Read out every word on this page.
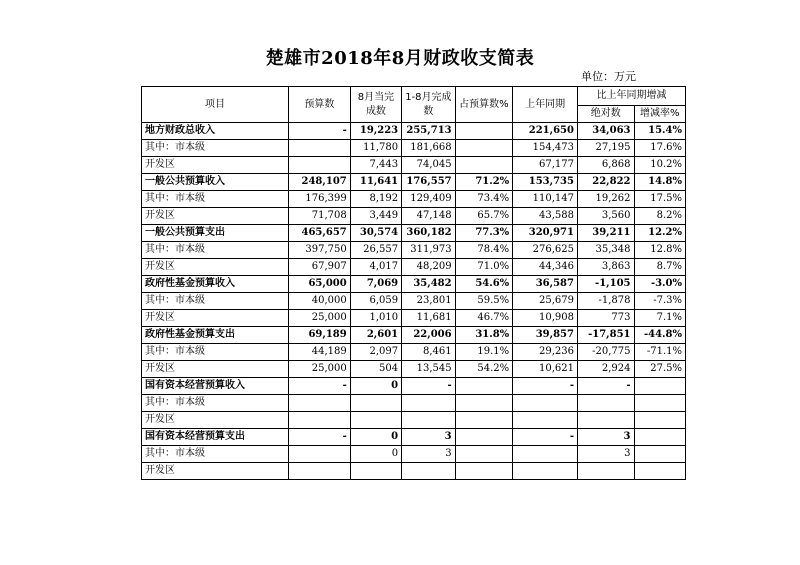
楚雄市2018年8月财政收支简表
单位：万元
项目	预算数	8月当完成数	1-8月完成数	占预算数%	上年同期	比上年同期增减	
						绝对数	增减率%
地方财政总收入	-	19,223	255,713		221,650	34,063	15.4%
其中：市本级		11,780	181,668		154,473	27,195	17.6%
开发区		7,443	74,045		67,177	6,868	10.2%
一般公共预算收入	248,107	11,641	176,557	71.2%	153,735	22,822	14.8%
其中：市本级	176,399	8,192	129,409	73.4%	110,147	19,262	17.5%
开发区	71,708	3,449	47,148	65.7%	43,588	3,560	8.2%
一般公共预算支出	465,657	30,574	360,182	77.3%	320,971	39,211	12.2%
其中：市本级	397,750	26,557	311,973	78.4%	276,625	35,348	12.8%
开发区	67,907	4,017	48,209	71.0%	44,346	3,863	8.7%
政府性基金预算收入	65,000	7,069	35,482	54.6%	36,587	-1,105	-3.0%
其中：市本级	40,000	6,059	23,801	59.5%	25,679	-1,878	-7.3%
开发区	25,000	1,010	11,681	46.7%	10,908	773	7.1%
政府性基金预算支出	69,189	2,601	22,006	31.8%	39,857	-17,851	-44.8%
其中：市本级	44,189	2,097	8,461	19.1%	29,236	-20,775	-71.1%
开发区	25,000	504	13,545	54.2%	10,621	2,924	27.5%
国有资本经营预算收入	-	0	-		-	-	
其中：市本级							
开发区							
国有资本经营预算支出	-	0	3		-	3	
其中：市本级		0	3			3	
开发区							
